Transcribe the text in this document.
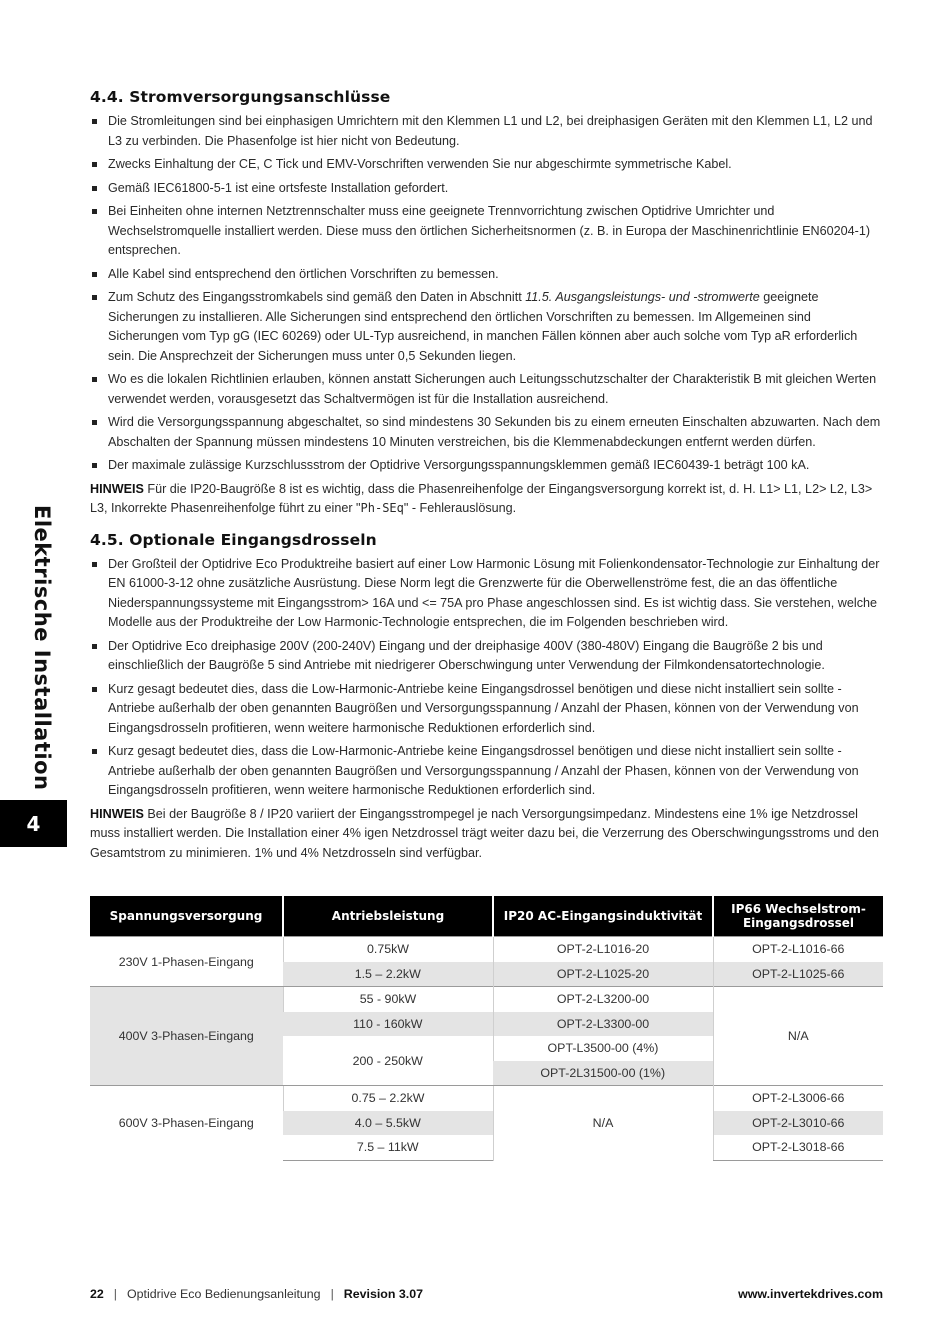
Elektrische Installation
4
4.4. Stromversorgungsanschlüsse
Die Stromleitungen sind bei einphasigen Umrichtern mit den Klemmen L1 und L2, bei dreiphasigen Geräten mit den Klemmen L1, L2 und L3 zu verbinden. Die Phasenfolge ist hier nicht von Bedeutung.
Zwecks Einhaltung der CE, C Tick und EMV-Vorschriften verwenden Sie nur abgeschirmte symmetrische Kabel.
Gemäß IEC61800-5-1 ist eine ortsfeste Installation gefordert.
Bei Einheiten ohne internen Netztrennschalter muss eine geeignete Trennvorrichtung zwischen Optidrive Umrichter und Wechselstromquelle installiert werden. Diese muss den örtlichen Sicherheitsnormen (z. B. in Europa der Maschinenrichtlinie EN60204-1) entsprechen.
Alle Kabel sind entsprechend den örtlichen Vorschriften zu bemessen.
Zum Schutz des Eingangsstromkabels sind gemäß den Daten in Abschnitt 11.5. Ausgangsleistungs- und -stromwerte geeignete Sicherungen zu installieren. Alle Sicherungen sind entsprechend den örtlichen Vorschriften zu bemessen. Im Allgemeinen sind Sicherungen vom Typ gG (IEC 60269) oder UL-Typ ausreichend, in manchen Fällen können aber auch solche vom Typ aR erforderlich sein. Die Ansprechzeit der Sicherungen muss unter 0,5 Sekunden liegen.
Wo es die lokalen Richtlinien erlauben, können anstatt Sicherungen auch Leitungsschutzschalter der Charakteristik B mit gleichen Werten verwendet werden, vorausgesetzt das Schaltvermögen ist für die Installation ausreichend.
Wird die Versorgungsspannung abgeschaltet, so sind mindestens 30 Sekunden bis zu einem erneuten Einschalten abzuwarten. Nach dem Abschalten der Spannung müssen mindestens 10 Minuten verstreichen, bis die Klemmenabdeckungen entfernt werden dürfen.
Der maximale zulässige Kurzschlussstrom der Optidrive Versorgungsspannungsklemmen gemäß IEC60439-1 beträgt 100 kA.

HINWEIS Für die IP20-Baugröße 8 ist es wichtig, dass die Phasenreihenfolge der Eingangsversorgung korrekt ist, d. H. L1> L1, L2> L2, L3> L3, Inkorrekte Phasenreihenfolge führt zu einer "Ph-SEq" - Fehlerauslösung.

4.5. Optionale Eingangsdrosseln
Der Großteil der Optidrive Eco Produktreihe basiert auf einer Low Harmonic Lösung mit Folienkondensator-Technologie zur Einhaltung der EN 61000-3-12 ohne zusätzliche Ausrüstung. Diese Norm legt die Grenzwerte für die Oberwellenströme fest, die an das öffentliche Niederspannungssysteme mit Eingangsstrom> 16A und <= 75A pro Phase angeschlossen sind. Es ist wichtig dass. Sie verstehen, welche Modelle aus der Produktreihe der Low Harmonic-Technologie entsprechen, die im Folgenden beschrieben wird.
Der Optidrive Eco dreiphasige 200V (200-240V) Eingang und der dreiphasige 400V (380-480V) Eingang die Baugröße 2 bis und einschließlich der Baugröße 5 sind Antriebe mit niedrigerer Oberschwingung unter Verwendung der Filmkondensatortechnologie.
Kurz gesagt bedeutet dies, dass die Low-Harmonic-Antriebe keine Eingangsdrossel benötigen und diese nicht installiert sein sollte - Antriebe außerhalb der oben genannten Baugrößen und Versorgungsspannung / Anzahl der Phasen, können von der Verwendung von Eingangsdrosseln profitieren, wenn weitere harmonische Reduktionen erforderlich sind.
Kurz gesagt bedeutet dies, dass die Low-Harmonic-Antriebe keine Eingangsdrossel benötigen und diese nicht installiert sein sollte - Antriebe außerhalb der oben genannten Baugrößen und Versorgungsspannung / Anzahl der Phasen, können von der Verwendung von Eingangsdrosseln profitieren, wenn weitere harmonische Reduktionen erforderlich sind.

HINWEIS Bei der Baugröße 8 / IP20 variiert der Eingangsstrompegel je nach Versorgungsimpedanz. Mindestens eine 1% ige Netzdrossel muss installiert werden. Die Installation einer 4% igen Netzdrossel trägt weiter dazu bei, die Verzerrung des Oberschwingungsstroms und den Gesamtstrom zu minimieren. 1% und 4% Netzdrosseln sind verfügbar.

Spannungsversorgung	Antriebsleistung	IP20 AC-Eingangsinduktivität	IP66 Wechselstrom-
Eingangsdrossel
230V 1-Phasen-Eingang	0.75kW	OPT-2-L1016-20	OPT-2-L1016-66
	1.5 – 2.2kW	OPT-2-L1025-20	OPT-2-L1025-66
400V 3-Phasen-Eingang	55 - 90kW	OPT-2-L3200-00	N/A
	110 - 160kW	OPT-2-L3300-00	
	200 - 250kW	OPT-L3500-00 (4%)	
		OPT-2L31500-00 (1%)	
600V 3-Phasen-Eingang	0.75 – 2.2kW	N/A	OPT-2-L3006-66
	4.0 – 5.5kW		OPT-2-L3010-66
	7.5 – 11kW		OPT-2-L3018-66
22 | Optidrive Eco Bedienungsanleitung | Revision 3.07	www.invertekdrives.com
